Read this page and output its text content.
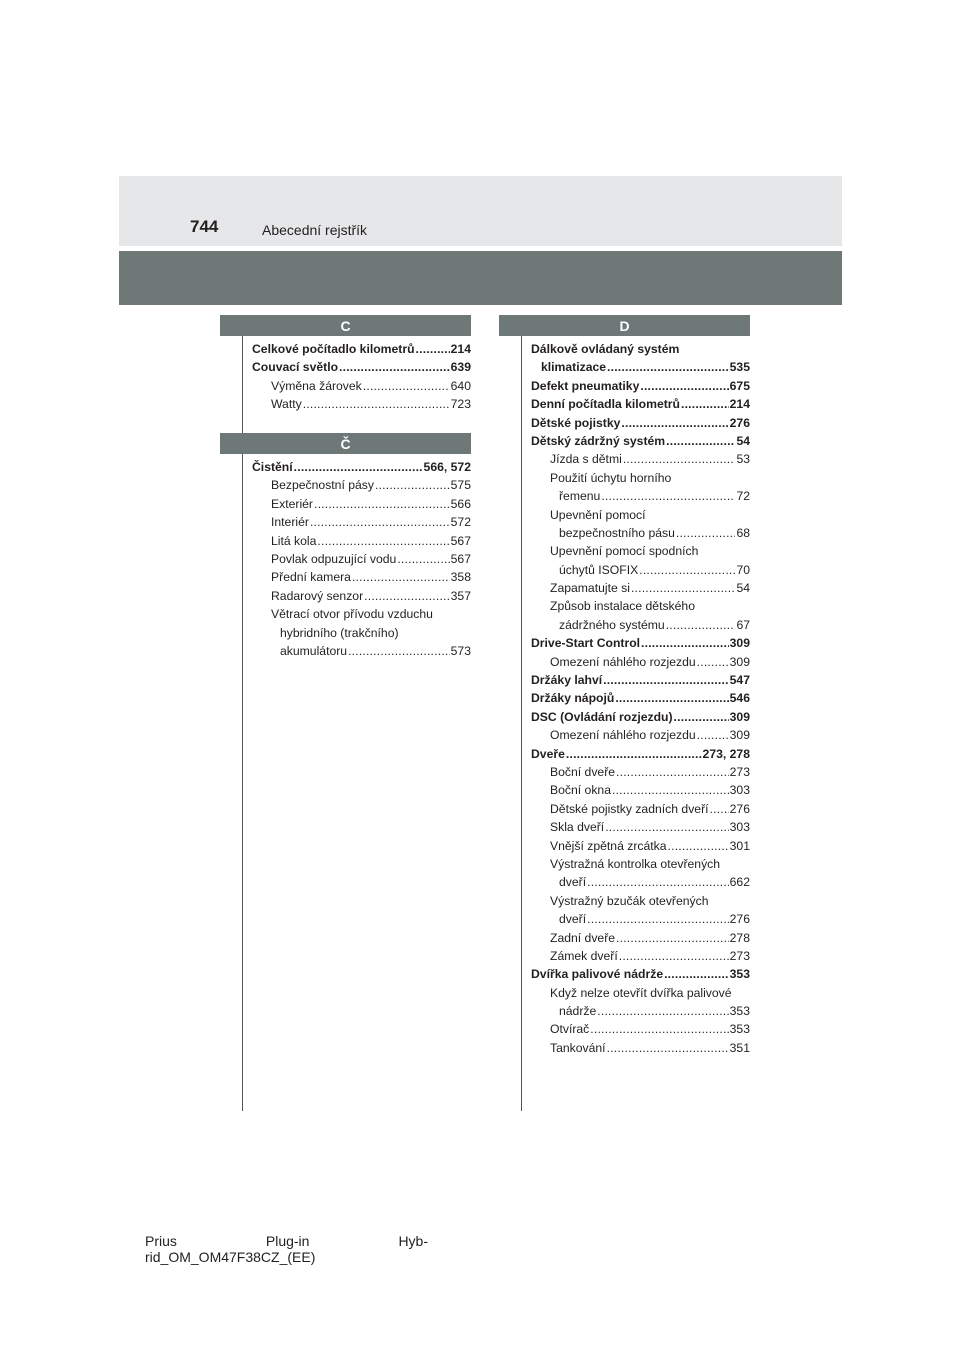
744	Abecední rejstřík
C
Celkové počítadlo kilometrů .....	214
Couvací světlo .....	639
Výměna žárovek .....	640
Watty .....	723
Č
Čistění .....	566, 572
Bezpečnostní pásy .....	575
Exteriér .....	566
Interiér .....	572
Litá kola .....	567
Povlak odpuzující vodu .....	567
Přední kamera .....	358
Radarový senzor .....	357
Větrací otvor přívodu vzduchu
hybridního (trakčního)
akumulátoru .....	573
D
Dálkově ovládaný systém
klimatizace .....	535
Defekt pneumatiky .....	675
Denní počítadla kilometrů .....	214
Dětské pojistky .....	276
Dětský zádržný systém .....	54
Jízda s dětmi .....	53
Použití úchytu horního
řemenu .....	72
Upevnění pomocí
bezpečnostního pásu .....	68
Upevnění pomocí spodních
úchytů ISOFIX .....	70
Zapamatujte si .....	54
Způsob instalace dětského
zádržného systému .....	67
Drive-Start Control .....	309
Omezení náhlého rozjezdu .....	309
Držáky lahví .....	547
Držáky nápojů .....	546
DSC (Ovládání rozjezdu) .....	309
Omezení náhlého rozjezdu .....	309
Dveře .....	273, 278
Boční dveře .....	273
Boční okna .....	303
Dětské pojistky zadních dveří ..... 276
Skla dveří .....	303
Vnější zpětná zrcátka .....	301
Výstražná kontrolka otevřených
dveří .....	662
Výstražný bzučák otevřených
dveří .....	276
Zadní dveře .....	278
Zámek dveří .....	273
Dvířka palivové nádrže .....	353
Když nelze otevřít dvířka palivové
nádrže .....	353
Otvírač .....	353
Tankování .....	351
Prius	Plug-in	Hyb-
rid_OM_OM47F38CZ_(EE)
